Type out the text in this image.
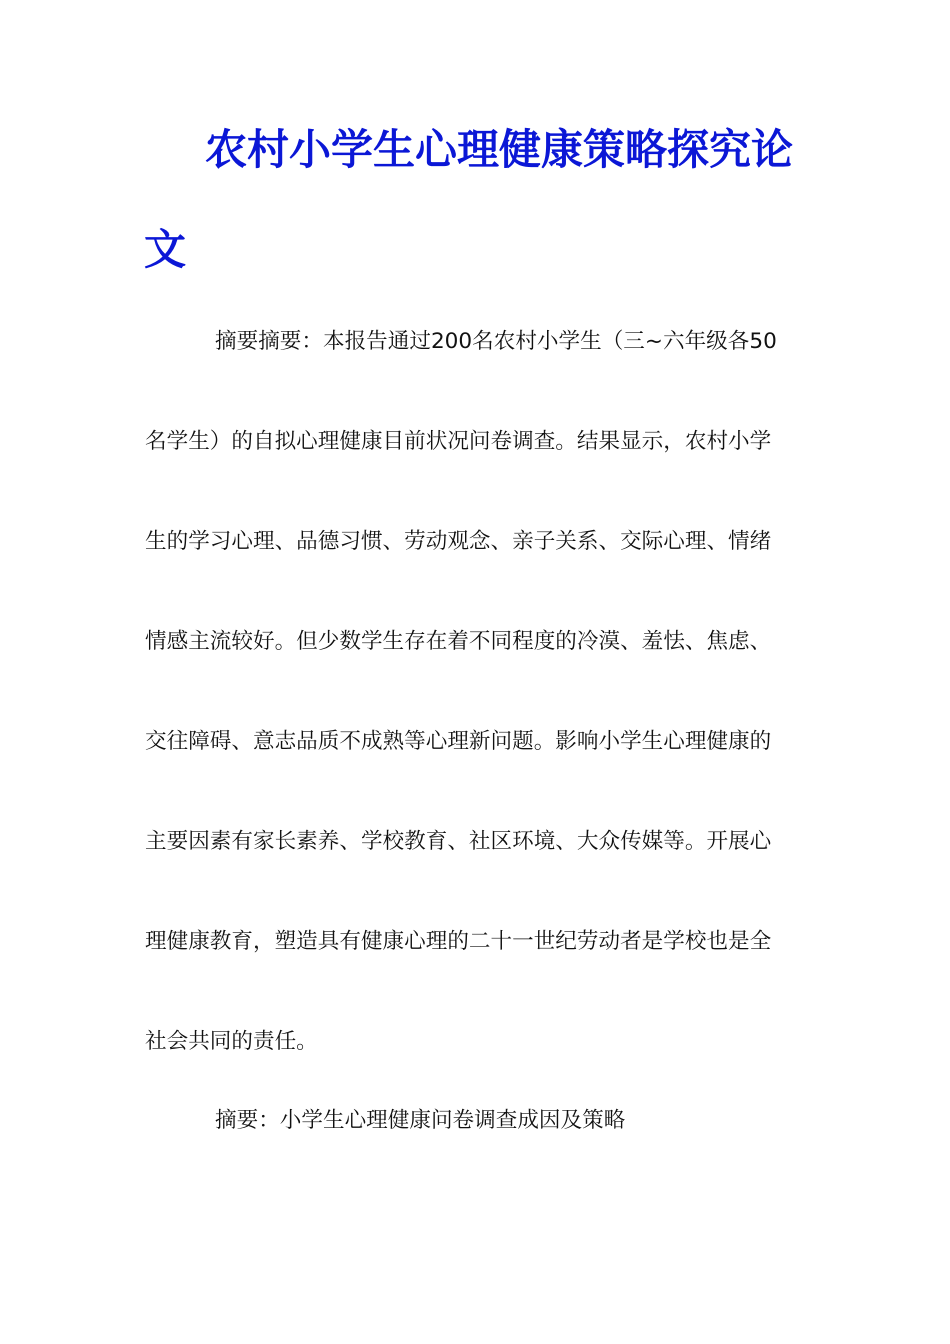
农村小学生心理健康策略探究论
文
摘要摘要：本报告通过200名农村小学生（三~六年级各50
名学生）的自拟心理健康目前状况问卷调查。结果显示，农村小学
生的学习心理、品德习惯、劳动观念、亲子关系、交际心理、情绪
情感主流较好。但少数学生存在着不同程度的冷漠、羞怯、焦虑、
交往障碍、意志品质不成熟等心理新问题。影响小学生心理健康的
主要因素有家长素养、学校教育、社区环境、大众传媒等。开展心
理健康教育，塑造具有健康心理的二十一世纪劳动者是学校也是全
社会共同的责任。
摘要：小学生心理健康问卷调查成因及策略
